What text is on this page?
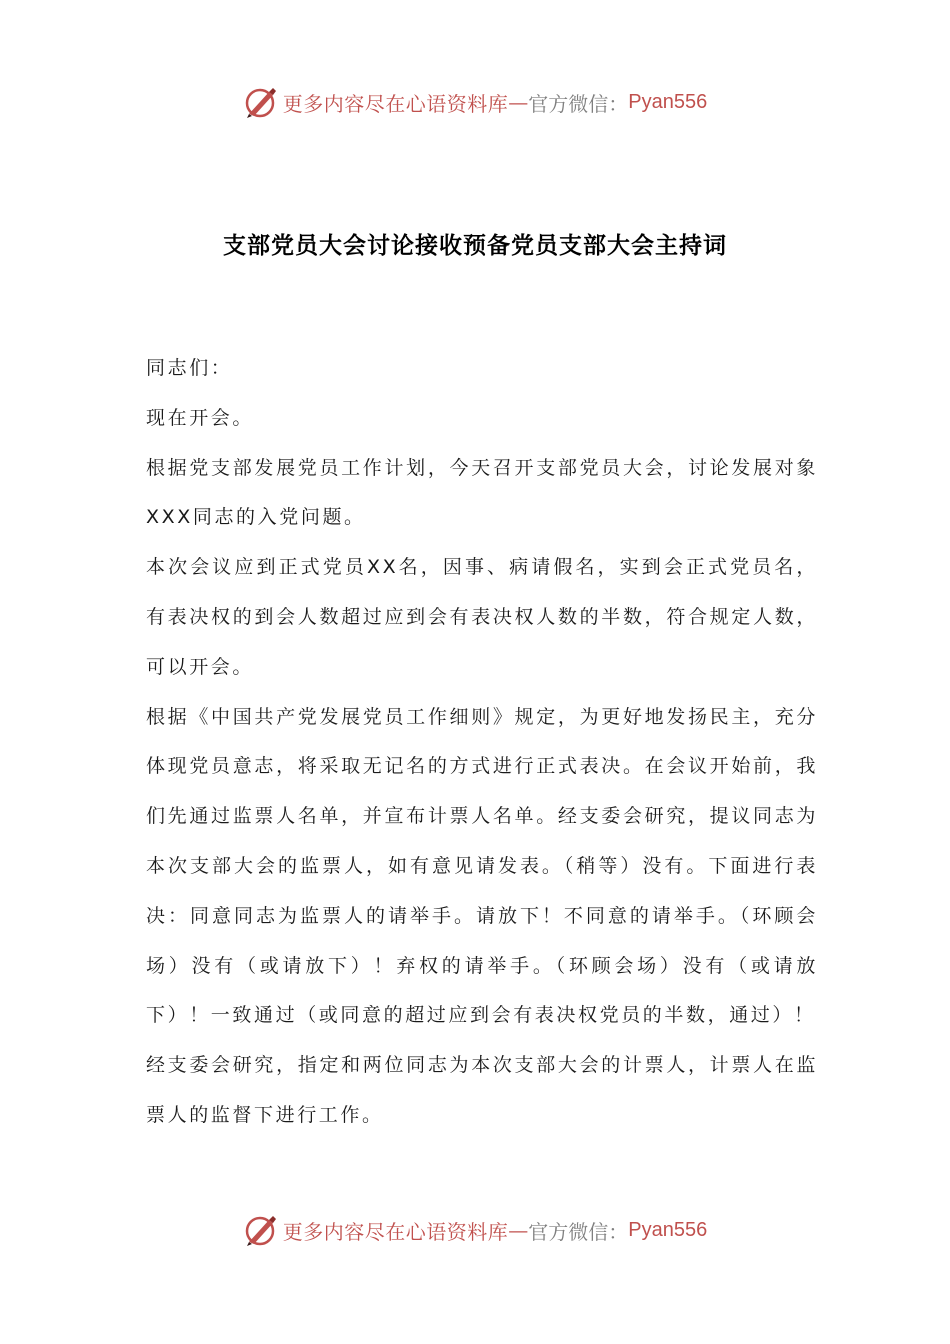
更多内容尽在心语资料库 — 官方微信： Pyan556
支部党员大会讨论接收预备党员支部大会主持词

同志们：

现在开会。

根据党支部发展党员工作计划，今天召开支部党员大会，讨论发展对象XXX同志的入党问题。

本次会议应到正式党员XX名，因事、病请假名，实到会正式党员名，有表决权的到会人数超过应到会有表决权人数的半数，符合规定人数，可以开会。

根据《中国共产党发展党员工作细则》规定，为更好地发扬民主，充分体现党员意志，将采取无记名的方式进行正式表决。在会议开始前，我们先通过监票人名单，并宣布计票人名单。经支委会研究，提议同志为本次支部大会的监票人，如有意见请发表。（稍等）没有。下面进行表决：同意同志为监票人的请举手。请放下！不同意的请举手。（环顾会场）没有（或请放下）！弃权的请举手。（环顾会场）没有（或请放下）！一致通过（或同意的超过应到会有表决权党员的半数，通过）！

经支委会研究，指定和两位同志为本次支部大会的计票人，计票人在监票人的监督下进行工作。

更多内容尽在心语资料库 — 官方微信： Pyan556
